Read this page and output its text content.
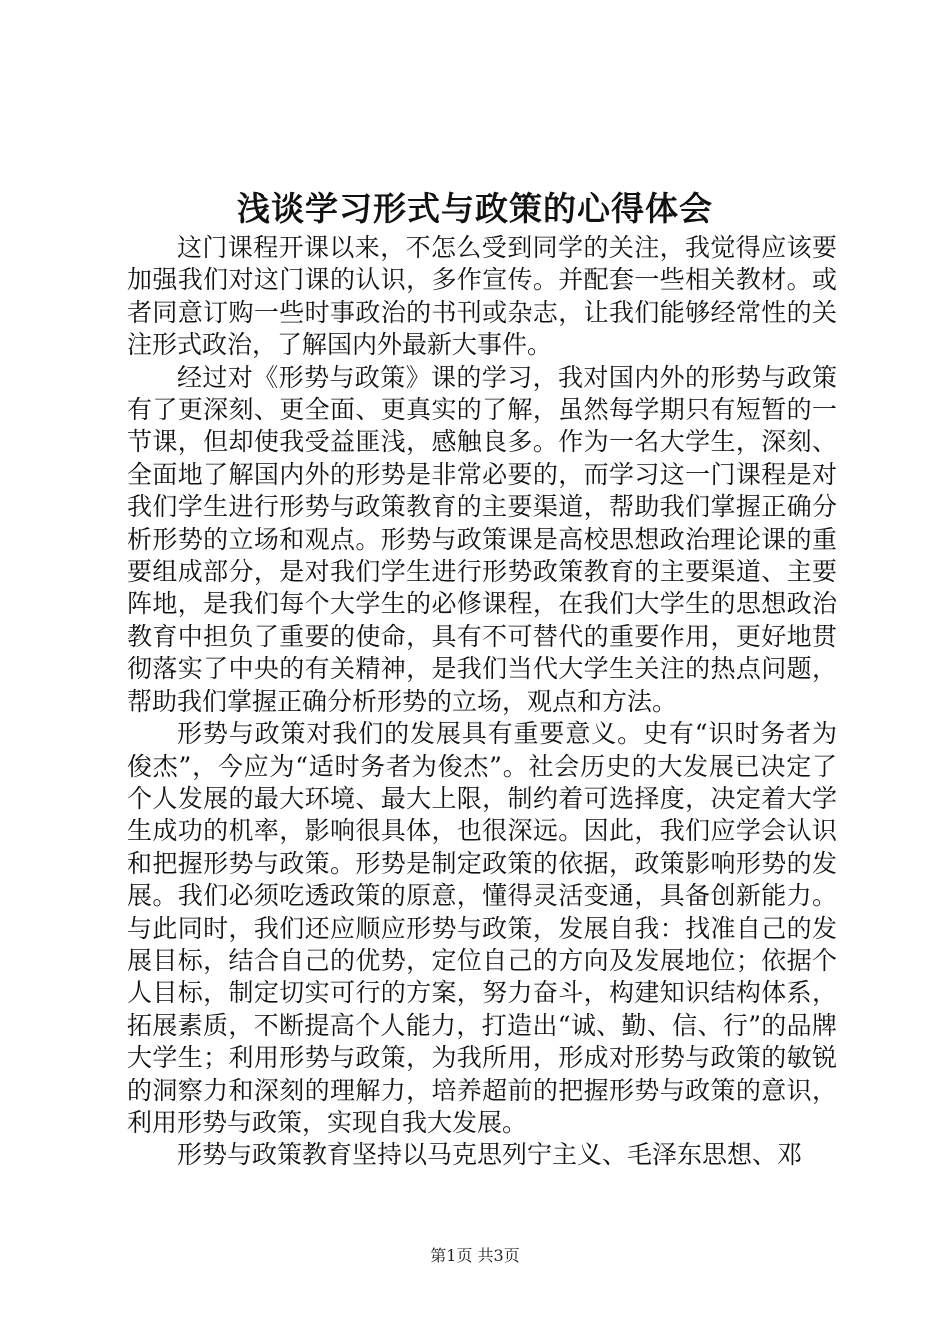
浅谈学习形式与政策的心得体会

这门课程开课以来，不怎么受到同学的关注，我觉得应该要加强我们对这门课的认识，多作宣传。并配套一些相关教材。或者同意订购一些时事政治的书刊或杂志，让我们能够经常性的关注形式政治，了解国内外最新大事件。

经过对《形势与政策》课的学习，我对国内外的形势与政策有了更深刻、更全面、更真实的了解，虽然每学期只有短暂的一节课，但却使我受益匪浅，感触良多。作为一名大学生，深刻、全面地了解国内外的形势是非常必要的，而学习这一门课程是对我们学生进行形势与政策教育的主要渠道，帮助我们掌握正确分析形势的立场和观点。形势与政策课是高校思想政治理论课的重要组成部分，是对我们学生进行形势政策教育的主要渠道、主要阵地，是我们每个大学生的必修课程，在我们大学生的思想政治教育中担负了重要的使命，具有不可替代的重要作用，更好地贯彻落实了中央的有关精神，是我们当代大学生关注的热点问题，帮助我们掌握正确分析形势的立场，观点和方法。

形势与政策对我们的发展具有重要意义。史有“识时务者为俊杰”，今应为“适时务者为俊杰”。社会历史的大发展已决定了个人发展的最大环境、最大上限，制约着可选择度，决定着大学生成功的机率，影响很具体，也很深远。因此，我们应学会认识和把握形势与政策。形势是制定政策的依据，政策影响形势的发展。我们必须吃透政策的原意，懂得灵活变通，具备创新能力。与此同时，我们还应顺应形势与政策，发展自我：找准自己的发展目标，结合自己的优势，定位自己的方向及发展地位；依据个人目标，制定切实可行的方案，努力奋斗，构建知识结构体系，拓展素质，不断提高个人能力，打造出“诚、勤、信、行”的品牌大学生；利用形势与政策，为我所用，形成对形势与政策的敏锐的洞察力和深刻的理解力，培养超前的把握形势与政策的意识，利用形势与政策，实现自我大发展。

形势与政策教育坚持以马克思列宁主义、毛泽东思想、邓

第1页 共3页
